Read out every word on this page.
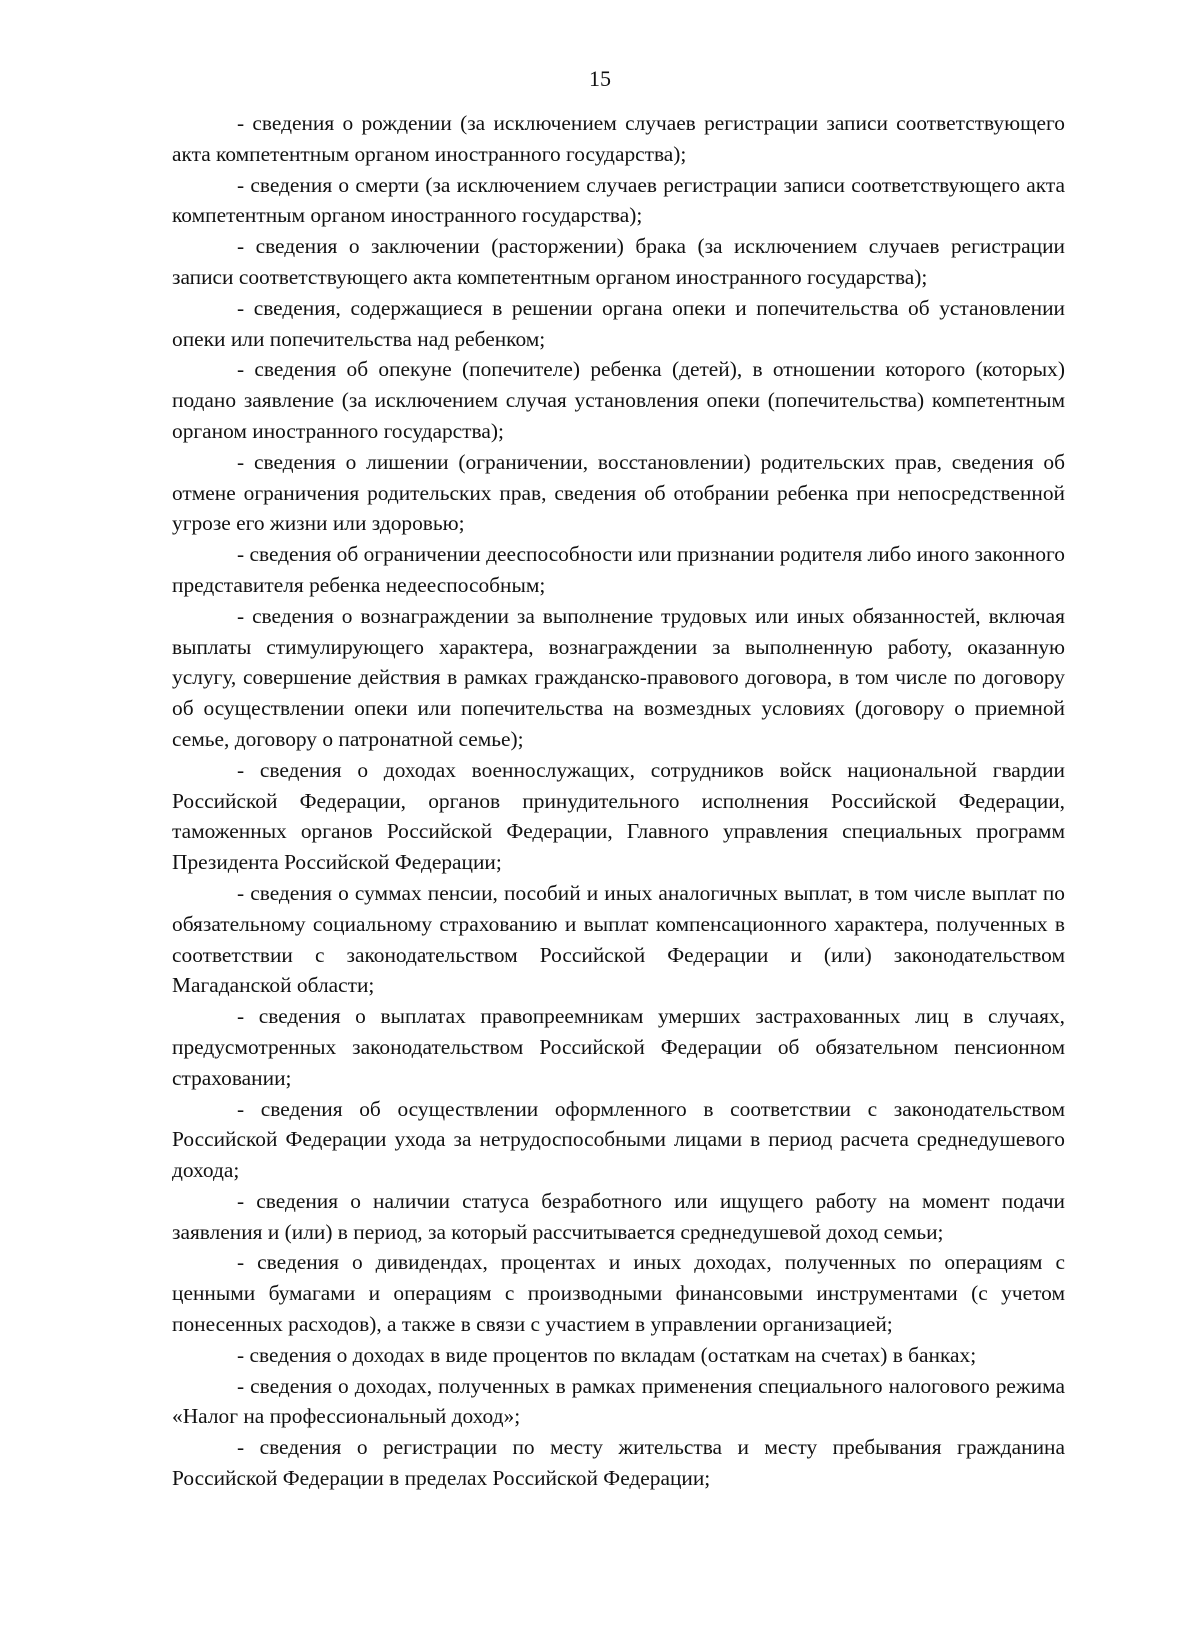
15

- сведения о рождении (за исключением случаев регистрации записи соответствующего акта компетентным органом иностранного государства);

- сведения о смерти (за исключением случаев регистрации записи соответствующего акта компетентным органом иностранного государства);

- сведения о заключении (расторжении) брака (за исключением случаев регистрации записи соответствующего акта компетентным органом иностранного государства);

- сведения, содержащиеся в решении органа опеки и попечительства об установлении опеки или попечительства над ребенком;

- сведения об опекуне (попечителе) ребенка (детей), в отношении которого (которых) подано заявление (за исключением случая установления опеки (попечительства) компетентным органом иностранного государства);

- сведения о лишении (ограничении, восстановлении) родительских прав, сведения об отмене ограничения родительских прав, сведения об отобрании ребенка при непосредственной угрозе его жизни или здоровью;

- сведения об ограничении дееспособности или признании родителя либо иного законного представителя ребенка недееспособным;

- сведения о вознаграждении за выполнение трудовых или иных обязанностей, включая выплаты стимулирующего характера, вознаграждении за выполненную работу, оказанную услугу, совершение действия в рамках гражданско-правового договора, в том числе по договору об осуществлении опеки или попечительства на возмездных условиях (договору о приемной семье, договору о патронатной семье);

- сведения о доходах военнослужащих, сотрудников войск национальной гвардии Российской Федерации, органов принудительного исполнения Российской Федерации, таможенных органов Российской Федерации, Главного управления специальных программ Президента Российской Федерации;

- сведения о суммах пенсии, пособий и иных аналогичных выплат, в том числе выплат по обязательному социальному страхованию и выплат компенсационного характера, полученных в соответствии с законодательством Российской Федерации и (или) законодательством Магаданской области;

- сведения о выплатах правопреемникам умерших застрахованных лиц в случаях, предусмотренных законодательством Российской Федерации об обязательном пенсионном страховании;

- сведения об осуществлении оформленного в соответствии с законодательством Российской Федерации ухода за нетрудоспособными лицами в период расчета среднедушевого дохода;

- сведения о наличии статуса безработного или ищущего работу на момент подачи заявления и (или) в период, за который рассчитывается среднедушевой доход семьи;

- сведения о дивидендах, процентах и иных доходах, полученных по операциям с ценными бумагами и операциям с производными финансовыми инструментами (с учетом понесенных расходов), а также в связи с участием в управлении организацией;

- сведения о доходах в виде процентов по вкладам (остаткам на счетах) в банках;

- сведения о доходах, полученных в рамках применения специального налогового режима «Налог на профессиональный доход»;

- сведения о регистрации по месту жительства и месту пребывания гражданина Российской Федерации в пределах Российской Федерации;
